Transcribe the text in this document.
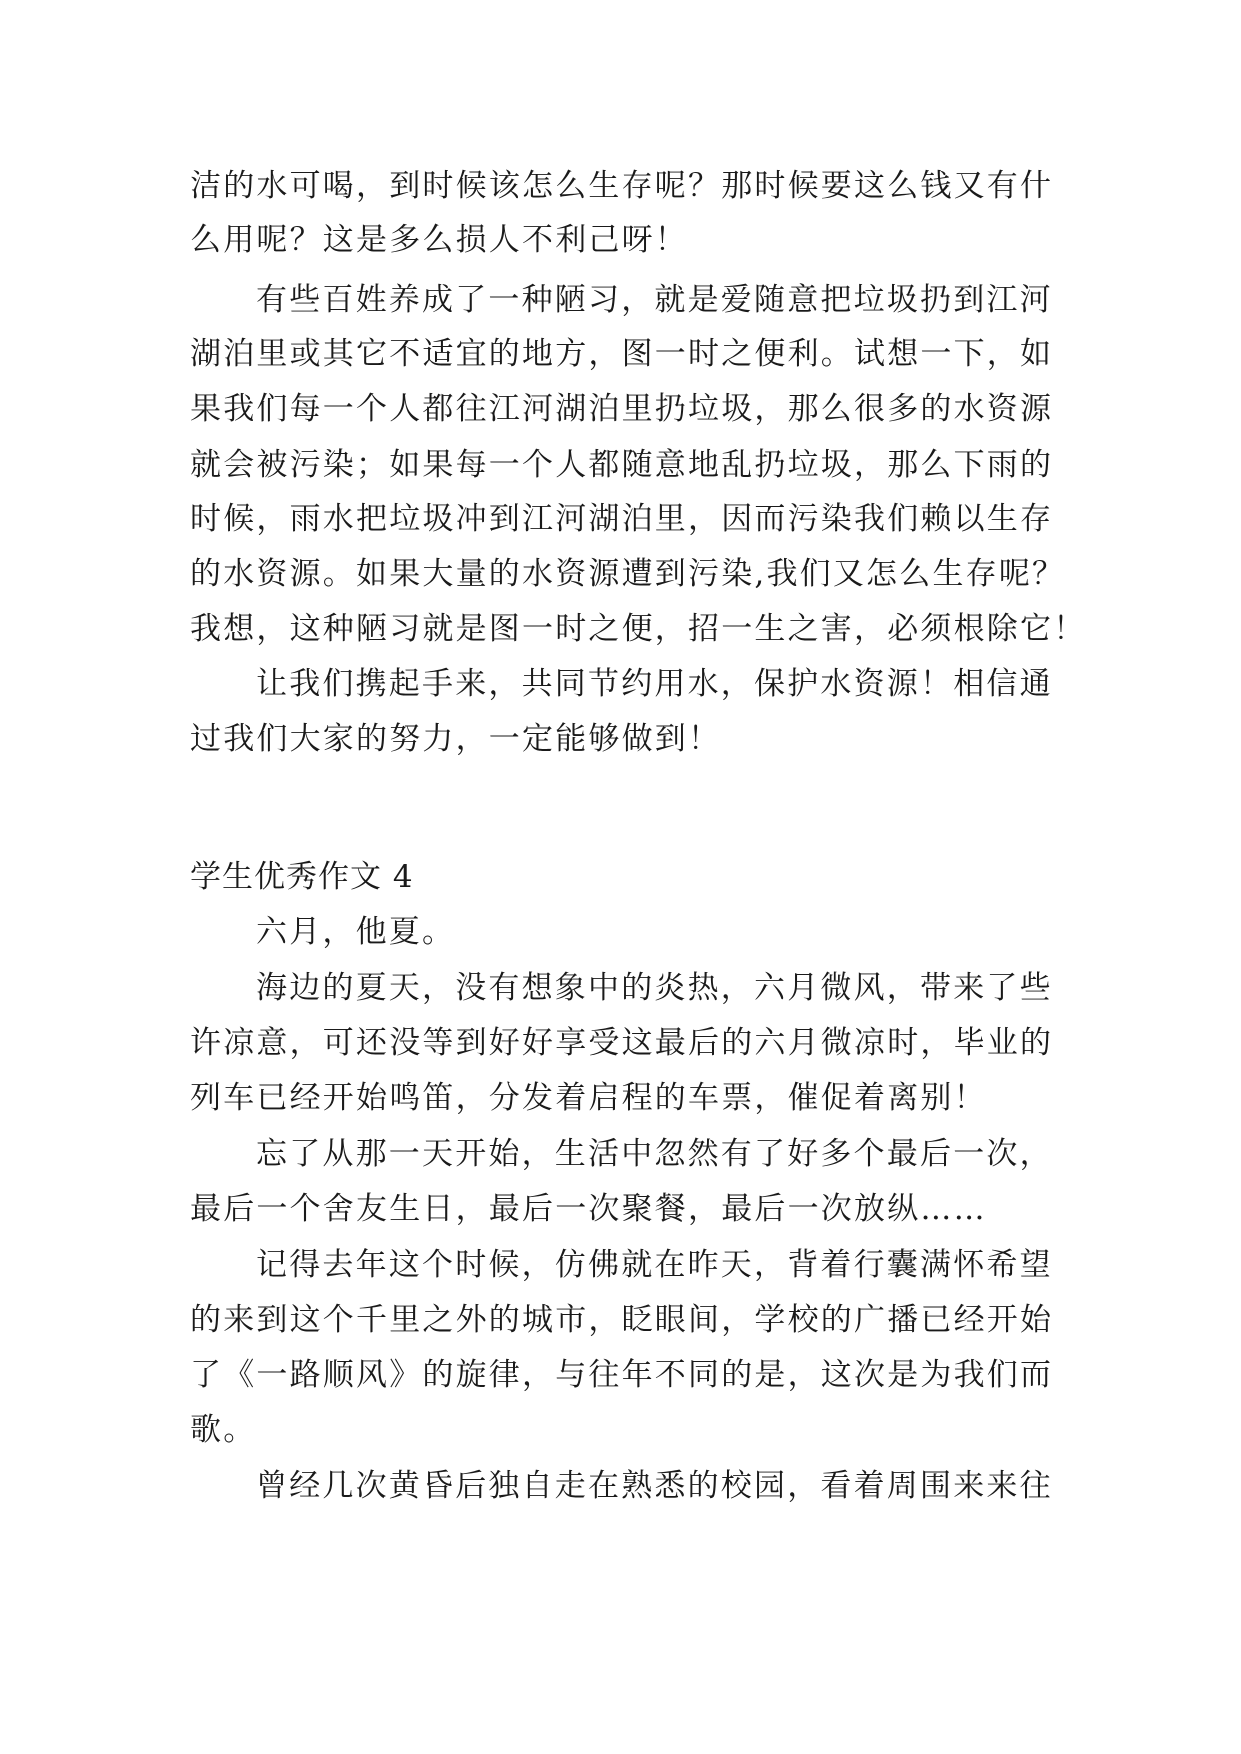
洁的水可喝，到时候该怎么生存呢？那时候要这么钱又有什
么用呢？这是多么损人不利己呀！
有些百姓养成了一种陋习，就是爱随意把垃圾扔到江河
湖泊里或其它不适宜的地方，图一时之便利。试想一下，如
果我们每一个人都往江河湖泊里扔垃圾，那么很多的水资源
就会被污染；如果每一个人都随意地乱扔垃圾，那么下雨的
时候，雨水把垃圾冲到江河湖泊里，因而污染我们赖以生存
的水资源。如果大量的水资源遭到污染,我们又怎么生存呢？
我想，这种陋习就是图一时之便，招一生之害，必须根除它！
让我们携起手来，共同节约用水，保护水资源！相信通
过我们大家的努力，一定能够做到！
学生优秀作文 4
六月，他夏。
海边的夏天，没有想象中的炎热，六月微风，带来了些
许凉意，可还没等到好好享受这最后的六月微凉时，毕业的
列车已经开始鸣笛，分发着启程的车票，催促着离别！
忘了从那一天开始，生活中忽然有了好多个最后一次，
最后一个舍友生日，最后一次聚餐，最后一次放纵……
记得去年这个时候，仿佛就在昨天，背着行囊满怀希望
的来到这个千里之外的城市，眨眼间，学校的广播已经开始
了《一路顺风》的旋律，与往年不同的是，这次是为我们而
歌。
曾经几次黄昏后独自走在熟悉的校园，看着周围来来往
